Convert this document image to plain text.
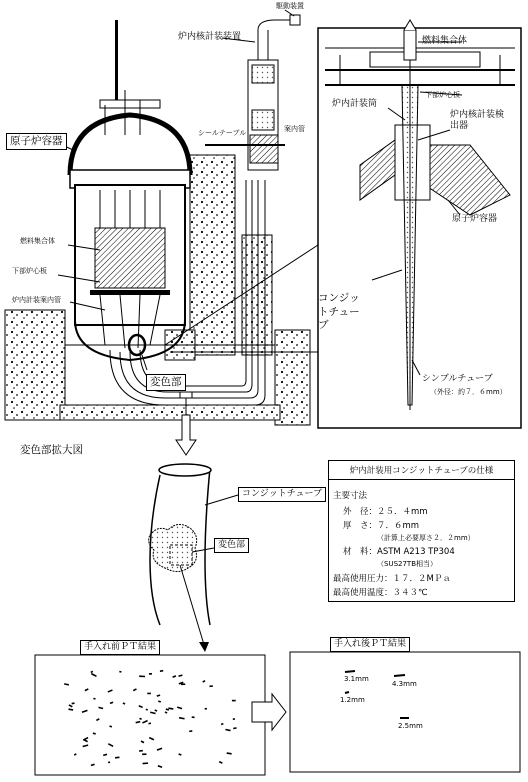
駆動装置
炉内核計装装置
シールテーブル	案内管
原子炉容器
燃料集合体
下部炉心板
炉内計装案内管
変色部
コンジットチューブ
燃料集合体
下部炉心板
炉内計装筒
炉内核計装検出器
原子炉容器
シンブルチューブ
（外径：約７．６mm）
変色部拡大図
コンジットチューブ
変色部
手入れ前ＰＴ結果	手入れ後ＰＴ結果
3.1mm
4.3mm
1.2mm
2.5mm
炉内計装用コンジットチューブの仕様
主要寸法
外　径：２５．４mm
厚　さ：７．６mm
（計算上必要厚さ２．２mm）
材　料：ASTM A213 TP304
（SUS27TB相当）
最高使用圧力：１７．２MＰａ
最高使用温度：３４３℃
